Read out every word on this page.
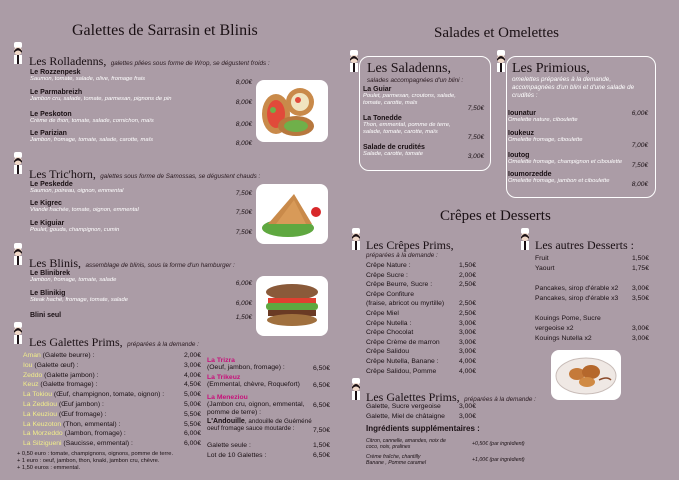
Galettes de Sarrasin et Blinis
Les Rolladenns, galettes pliées sous forme de Wrop, se dégustent froids :
Le Rozzenpesk
Saumon, tomate, salade, olive, fromage frais	8,00€
Le Parmabreizh
Jambon cru, salade, tomate, parmesan, pignons de pin	8,00€
Le Peskoton
Crème de thon, tomate, salade, cornichon, maïs	8,00€
Le Parizian
Jambon, fromage, tomate, salade, carotte, maïs	8,00€
Les Tric'horn, galettes sous forme de Samossas, se dégustent chauds :
Le Peskedde
Saumon, poireau, oignon, emmental	7,50€
Le Kigrec
Viande hachée, tomate, oignon, emmental	7,50€
Le Kiguiar
Poulet, gouda, champignon, cumin	7,50€
Les Blinis, assemblage de blinis, sous la forme d'un hamburger :
Le Blinibrek
Jambon, fromage, tomate, salade	6,00€
Le Blinikig
Steak haché, fromage, tomate, salade	6,00€
Blini seul	1,50€
Les Galettes Prims, préparées à la demande :
Aman (Galette beurre) :	2,00€
Iou (Galette œuf) :	3,00€
Zeddo (Galette jambon) :	4,00€
Keuz (Galette fromage) :	4,50€
La Tokiou (Œuf, champignon, tomate, oignon) :	5,00€
La Zeddiou (Œuf jambon) :	5,00€
La Keuziou (Œuf fromage) :	5,50€
La Keuzoton (Thon, emmental) :	5,50€
La Morzeddo (Jambon, fromage) :	6,00€
La Silzigueni (Saucisse, emmental) :	6,00€
La Trizra
(Oeuf, jambon, fromage) :	6,50€
La Trikeuz
(Emmental, chèvre, Roquefort)	6,50€
La Meneziou
(Jambon cru, oignon, emmental, pomme de terre) :
6,50€
L'Andouille, andouille de Guéméné
oeuf fromage sauce moutarde :	7,50€
Galette seule :	1,50€
Lot de 10 Galettes :	6,50€
+ 0,50 euro : tomate, champignons, oignons, pomme de terre.
+ 1 euro : oeuf, jambon, thon, knaki, jambon cru, chèvre.
+ 1,50 euros : emmental.
Salades et Omelettes
Les Saladenns,
salades accompagnées d'un blini :
La Guiar
Poulet, parmesan, croutons, salade, tomate, carotte, maïs
7,50€
La Tonedde
Thon, emmental, pomme de terre, salade, tomate, carotte, maïs
7,50€
Salade de crudités
Salade, carotte, tomate	3,00€
Les Primious,
omelettes préparées à la demande, accompagnées d'un blini et d'une salade de crudités :
Iounatur
Omelette nature, ciboulette
6,00€
Ioukeuz
Omelette fromage, ciboulette
7,00€
Ioutog
Omelette fromage, champignon et ciboulette	7,50€
Ioumorzedde
Omelette fromage, jambon et ciboulette	8,00€
Crêpes et Desserts
Les Crêpes Prims,
préparées à la demande :
Crêpe Nature :	1,50€
Crêpe Sucre :	2,00€
Crêpe Beurre, Sucre :	2,50€
Crêpe Confiture
(fraise, abricot ou myrtille)	2,50€
Crêpe Miel	2,50€
Crêpe Nutella :	3,00€
Crêpe Chocolat	3,00€
Crêpe Crème de marron	3,00€
Crêpe Salidou	3,00€
Crêpe Nutella, Banane :	4,00€
Crêpe Salidou, Pomme	4,00€
Les autres Desserts :
Fruit	1,50€
Yaourt	1,75€
Pancakes, sirop d'érable x2	3,00€
Pancakes, sirop d'érable x3	3,50€
Kouings Pome, Sucre
vergeoise x2	3,00€
Kouings Nutella x2	3,00€
Les Galettes Prims, préparées à la demande :
Galette, Sucre vergeoise	3,00€
Galette, Miel de châtaigne	3,00€
Ingrédients supplémentaires :
Citron, cannelle, amandes, noix de coco, noix, pralines	+0,50€ (par ingrédient)
Crème fraîche, chantilly Banane , Pomme caramel	+1,00€ (par ingrédient)
